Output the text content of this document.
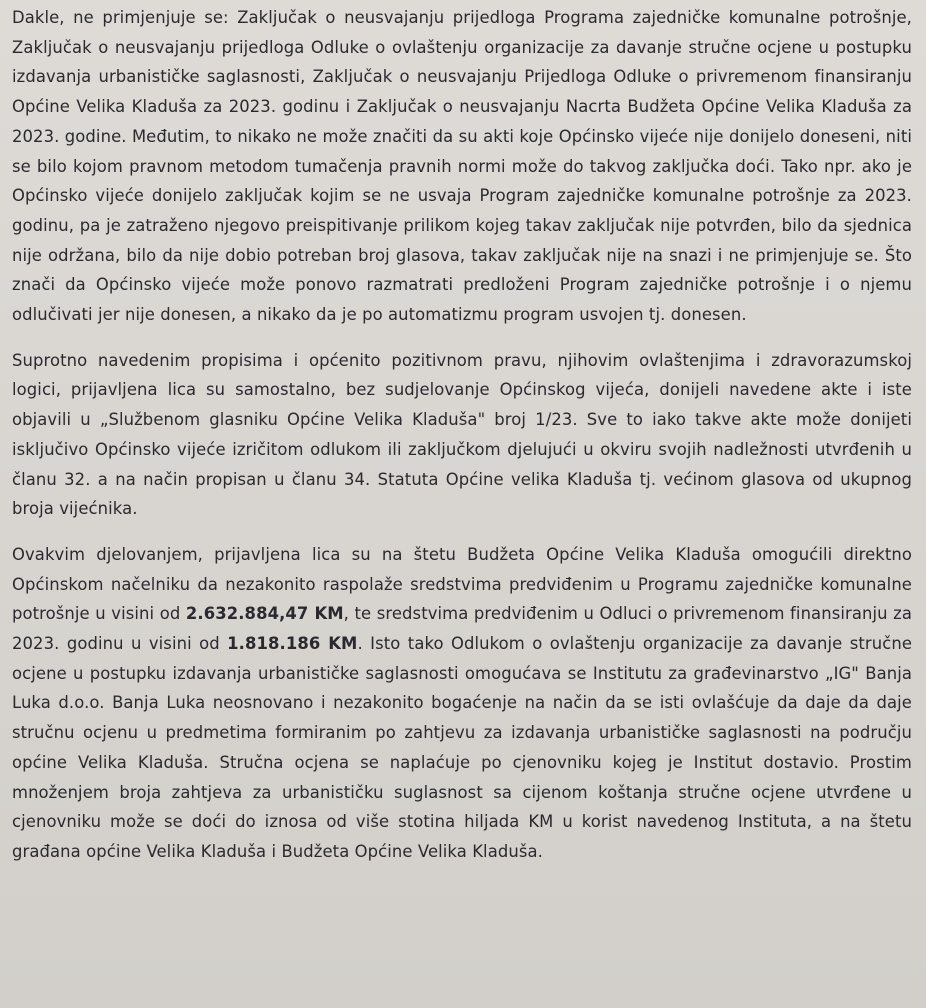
Dakle, ne primjenjuje se: Zaključak o neusvajanju prijedloga Programa zajedničke komunalne potrošnje, Zaključak o neusvajanju prijedloga Odluke o ovlaštenju organizacije za davanje stručne ocjene u postupku izdavanja urbanističke saglasnosti, Zaključak o neusvajanju Prijedloga Odluke o privremenom finansiranju Općine Velika Kladuša za 2023. godinu i Zaključak o neusvajanju Nacrta Budžeta Općine Velika Kladuša za 2023. godine. Međutim, to nikako ne može značiti da su akti koje Općinsko vijeće nije donijelo doneseni, niti se bilo kojom pravnom metodom tumačenja pravnih normi može do takvog zaključka doći. Tako npr. ako je Općinsko vijeće donijelo zaključak kojim se ne usvaja Program zajedničke komunalne potrošnje za 2023. godinu, pa je zatraženo njegovo preispitivanje prilikom kojeg takav zaključak nije potvrđen, bilo da sjednica nije održana, bilo da nije dobio potreban broj glasova, takav zaključak nije na snazi i ne primjenjuje se. Što znači da Općinsko vijeće može ponovo razmatrati predloženi Program zajedničke potrošnje i o njemu odlučivati jer nije donesen, a nikako da je po automatizmu program usvojen tj. donesen.

Suprotno navedenim propisima i općenito pozitivnom pravu, njihovim ovlaštenjima i zdravorazumskoj logici, prijavljena lica su samostalno, bez sudjelovanje Općinskog vijeća, donijeli navedene akte i iste objavili u „Službenom glasniku Općine Velika Kladuša" broj 1/23. Sve to iako takve akte može donijeti isključivo Općinsko vijeće izričitom odlukom ili zaključkom djelujući u okviru svojih nadležnosti utvrđenih u članu 32. a na način propisan u članu 34. Statuta Općine velika Kladuša tj. većinom glasova od ukupnog broja vijećnika.

Ovakvim djelovanjem, prijavljena lica su na štetu Budžeta Općine Velika Kladuša omogućili direktno Općinskom načelniku da nezakonito raspolaže sredstvima predviđenim u Programu zajedničke komunalne potrošnje u visini od 2.632.884,47 KM, te sredstvima predviđenim u Odluci o privremenom finansiranju za 2023. godinu u visini od 1.818.186 KM. Isto tako Odlukom o ovlaštenju organizacije za davanje stručne ocjene u postupku izdavanja urbanističke saglasnosti omogućava se Institutu za građevinarstvo „IG" Banja Luka d.o.o. Banja Luka neosnovano i nezakonito bogaćenje na način da se isti ovlašćuje da daje da daje stručnu ocjenu u predmetima formiranim po zahtjevu za izdavanja urbanističke saglasnosti na području općine Velika Kladuša. Stručna ocjena se naplaćuje po cjenovniku kojeg je Institut dostavio. Prostim množenjem broja zahtjeva za urbanističku suglasnost sa cijenom koštanja stručne ocjene utvrđene u cjenovniku može se doći do iznosa od više stotina hiljada KM u korist navedenog Instituta, a na štetu građana općine Velika Kladuša i Budžeta Općine Velika Kladuša.
